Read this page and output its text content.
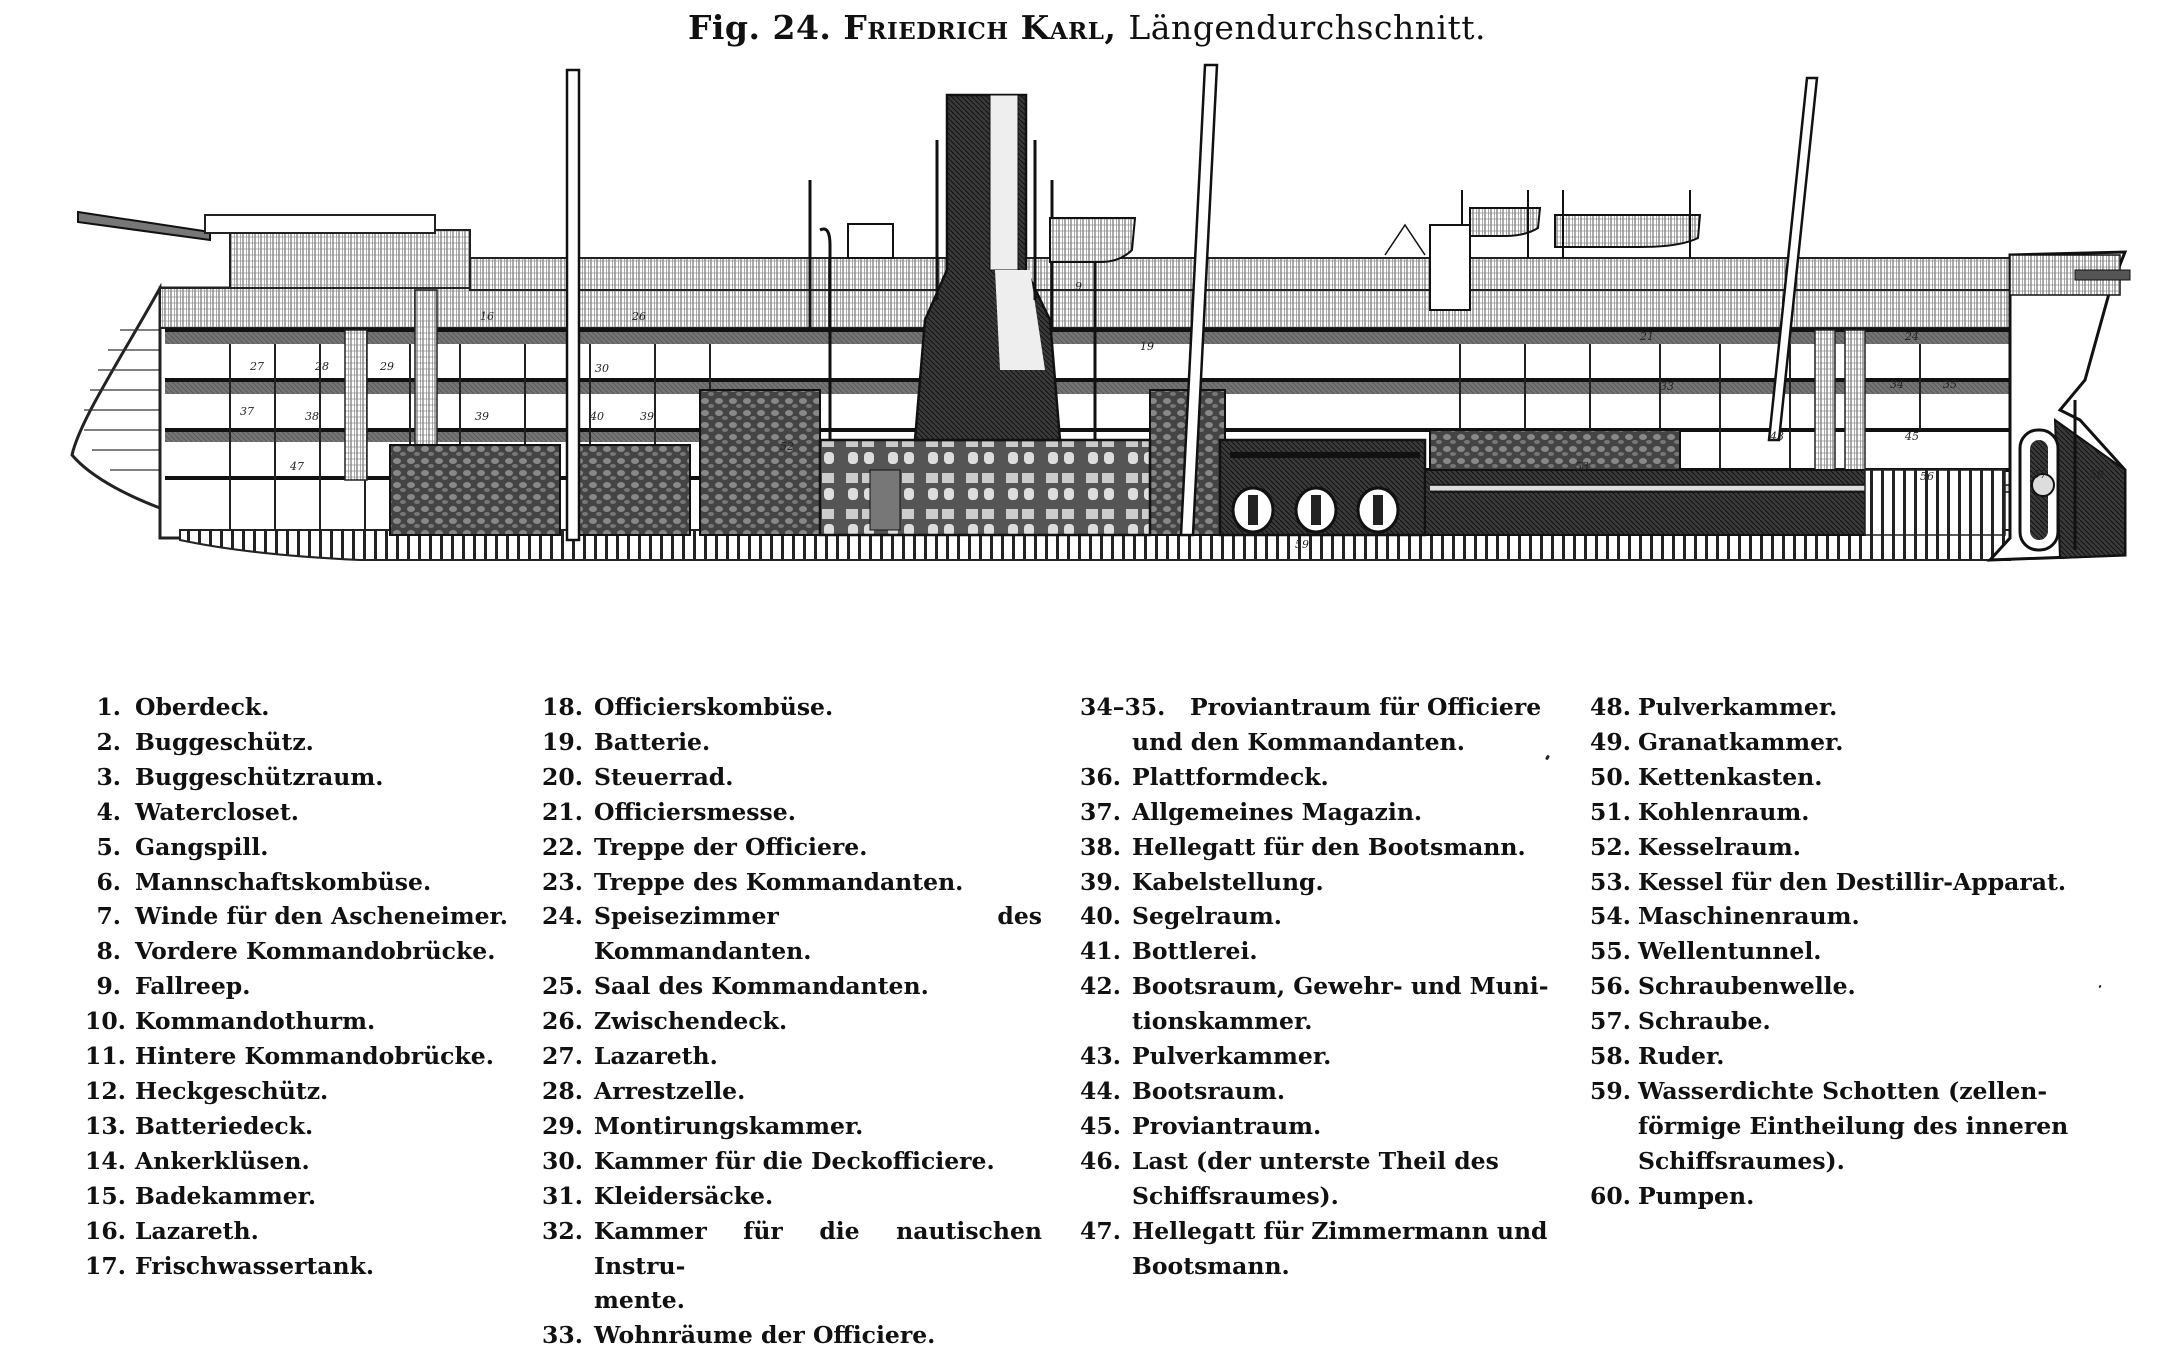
Fig. 24. Friedrich Karl, Längendurchschnitt.
27	28	29
37	38	39	40	39
47
30
16	26
21
33
24
34	35
45
43
53
56	57	58
59
52
19
9
1. Oberdeck.
2. Buggeschütz.
3. Buggeschützraum.
4. Watercloset.
5. Gangspill.
6. Mannschaftskombüse.
7. Winde für den Ascheneimer.
8. Vordere Kommandobrücke.
9. Fallreep.
10. Kommandothurm.
11. Hintere Kommandobrücke.
12. Heckgeschütz.
13. Batteriedeck.
14. Ankerklüsen.
15. Badekammer.
16. Lazareth.
17. Frischwassertank.
18. Officierskombüse.
19. Batterie.
20. Steuerrad.
21. Officiersmesse.
22. Treppe der Officiere.
23. Treppe des Kommandanten.
24. Speisezimmer des Kommandanten.
25. Saal des Kommandanten.
26. Zwischendeck.
27. Lazareth.
28. Arrestzelle.
29. Montirungskammer.
30. Kammer für die Deckofficiere.
31. Kleidersäcke.
32. Kammer für die nautischen Instru-
mente.
33. Wohnräume der Officiere.
34–35.	Proviantraum für Officiere
und den Kommandanten.
36. Plattformdeck.
37. Allgemeines Magazin.
38. Hellegatt für den Bootsmann.
39. Kabelstellung.
40. Segelraum.
41. Bottlerei.
42. Bootsraum, Gewehr- und Muni-
tionskammer.
43. Pulverkammer.
44. Bootsraum.
45. Proviantraum.
46. Last (der unterste Theil des
Schiffsraumes).
47. Hellegatt für Zimmermann und
Bootsmann.
48. Pulverkammer.
49. Granatkammer.
50. Kettenkasten.
51. Kohlenraum.
52. Kesselraum.
53. Kessel für den Destillir-Apparat.
54. Maschinenraum.
55. Wellentunnel.
56. Schraubenwelle.
57. Schraube.
58. Ruder.
59. Wasserdichte Schotten (zellen-
förmige Eintheilung des inneren
Schiffsraumes).
60. Pumpen.
